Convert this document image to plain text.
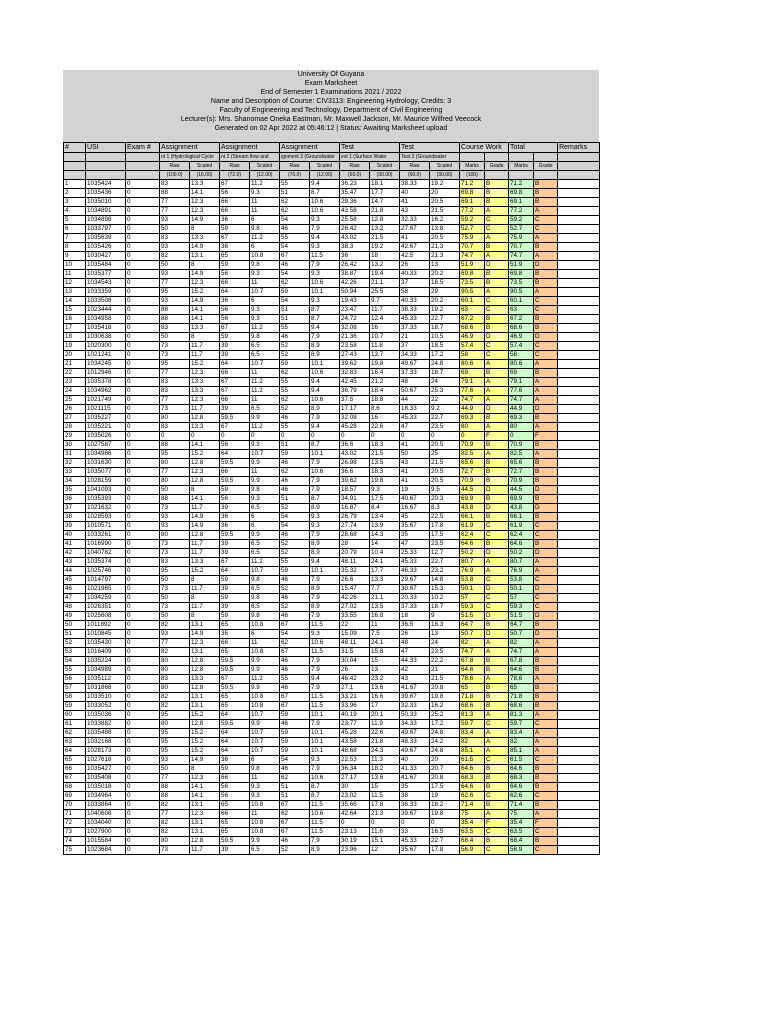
University Of Guyana
Exam Marksheet
End of Semester 1 Examinations 2021 / 2022
Name and Description of Course: CIV3113: Engineering Hydrology, Credits: 3
Faculty of Engineering and Technology, Department of Civil Engineering
Lecturer(s): Mrs. Shanomae Oneka Eastman, Mr. Maxwell Jackson, Mr. Maurice Wilfred Veecock
Generated on 02 Apr 2022 at 05:46:12 | Status: Awaiting Marksheet upload
#	USI	Exam #	Assignment		Assignment		Assignment		Test		Test		Course Work		Total		Remarks
			nt 1 (Hydrological Cycle		nt 2 (Stream flow and		ignment 3 (Groundwater		est 1 (Surface Water		Test 2 (Groundwater						
			Raw	Scaled	Raw	Scaled	Raw	Scaled	Raw	Scaled	Raw	Scaled	Marks	Grade	Marks	Grade	
			(100.0)	(16.00)	(72.0)	(12.00)	(70.0)	(12.00)	(60.0)	(30.00)	(60.0)	(30.00)	(100)				
1	1035424	0	83	13.3	67	11.2	55	9.4	36.23	18.1	38.33	19.2	71.2	B	71.2	B	
2	1035436	0	88	14.1	56	9.3	51	8.7	35.47	17.7	40	20	69.8	B	69.8	B	
3	1035010	0	77	12.3	66	11	62	10.6	29.36	14.7	41	20.5	69.1	B	69.1	B	
4	1034891	0	77	12.3	66	11	62	10.6	43.58	21.8	43	21.5	77.2	A	77.2	A	
5	1034898	0	93	14.9	36	6	54	9.3	25.58	12.8	32.33	16.2	59.2	C	59.2	C	
6	1033797	0	50	8	59	9.8	46	7.9	26.42	13.2	27.67	13.8	52.7	C	52.7	C	
7	1035639	0	83	13.3	67	11.2	55	9.4	43.02	21.5	41	20.5	75.9	A	75.9	A	
8	1035426	0	93	14.9	36	6	54	9.3	38.3	19.2	42.67	21.3	70.7	B	70.7	B	
9	1030427	0	82	13.1	65	10.8	67	11.5	36	18	42.5	21.3	74.7	A	74.7	A	
10	1035484	0	50	8	59	9.8	46	7.9	26.42	13.2	26	13	51.9	D	51.9	D	
11	1035377	0	93	14.9	56	9.3	54	9.3	38.87	19.4	40.33	20.2	69.8	B	69.8	B	
12	1034543	0	77	12.3	66	11	62	10.6	42.26	21.1	37	18.5	73.5	B	73.5	B	
13	1033359	0	95	15.2	64	10.7	59	10.1	50.94	25.5	58	29	90.5	A	90.5	A	
14	1033508	0	93	14.9	36	6	54	9.3	19.43	9.7	40.33	20.2	60.1	C	60.1	C	
15	1023444	0	88	14.1	56	9.3	51	8.7	23.47	11.7	38.33	19.2	63	C	63	C	
16	1034958	0	88	14.1	56	9.3	51	8.7	24.72	12.4	45.33	22.7	67.2	B	67.2	B	
17	1035418	0	83	13.3	67	11.2	55	9.4	32.08	16	37.33	18.7	68.6	B	68.6	B	
18	1030638	0	50	8	59	9.8	46	7.9	21.36	10.7	21	10.5	46.9	D	46.9	D	
19	1020300	0	73	11.7	39	6.5	52	8.9	23.58	11.8	37	18.5	57.4	C	57.4	C	
20	1021241	0	73	11.7	39	6.5	52	8.9	27.43	13.7	34.33	17.2	58	C	58	C	
21	1034245	0	95	15.2	64	10.7	59	10.1	39.62	19.8	49.67	24.8	80.6	A	80.6	A	
22	1012946	0	77	12.3	66	11	62	10.6	32.83	16.4	37.33	18.7	69	B	69	B	
23	1035378	0	83	13.3	67	11.2	55	9.4	42.45	21.2	48	24	79.1	A	79.1	A	
24	1034962	0	83	13.3	67	11.2	55	9.4	36.79	18.4	50.67	25.3	77.6	A	77.6	A	
25	1021749	0	77	12.3	66	11	62	10.6	37.5	18.8	44	22	74.7	A	74.7	A	
26	1021115	0	73	11.7	39	6.5	52	8.9	17.17	8.6	18.33	9.2	44.9	D	44.9	D	
27	1035227	0	80	12.8	59.5	9.9	46	7.9	32.08	16	45.33	22.7	69.3	B	69.3	B	
28	1035221	0	83	13.3	67	11.2	55	9.4	45.28	22.6	47	23.5	80	A	80	A	
29	1035026	0	0	0	0	0	0	0	0	0	0	0	0	F	0	F	
30	1027587	0	88	14.1	56	9.3	51	8.7	36.6	18.3	41	20.5	70.9	B	70.9	B	
31	1034986	0	95	15.2	64	10.7	59	10.1	43.02	21.5	50	25	82.5	A	82.5	A	
32	1031630	0	80	12.8	59.5	9.9	46	7.9	26.98	13.5	43	21.5	65.6	B	65.6	B	
33	1035077	0	77	12.3	66	11	62	10.6	36.6	18.3	41	20.5	72.7	B	72.7	B	
34	1028159	0	80	12.8	59.5	9.9	46	7.9	39.62	19.8	41	20.5	70.9	B	70.9	B	
35	1041093	0	50	8	59	9.8	46	7.9	18.57	9.3	19	9.5	44.5	D	44.5	D	
36	1035393	0	88	14.1	56	9.3	51	8.7	34.91	17.5	40.67	20.3	69.9	B	69.9	B	
37	1021632	0	73	11.7	39	6.5	52	8.9	16.87	8.4	16.67	8.3	43.8	D	43.8	D	
38	1028593	0	93	14.9	36	6	54	9.3	26.79	13.4	45	22.5	66.1	B	66.1	B	
39	1010571	0	93	14.9	36	6	54	9.3	27.74	13.9	35.67	17.8	61.9	C	61.9	C	
40	1033261	0	80	12.8	59.5	9.9	46	7.9	28.68	14.3	35	17.5	62.4	C	62.4	C	
41	1016990	0	73	11.7	39	6.5	52	8.9	28	14	47	23.5	64.6	B	64.6	B	
42	1040782	0	73	11.7	39	6.5	52	8.9	20.79	10.4	25.33	12.7	50.2	D	50.2	D	
43	1035374	0	83	13.3	67	11.2	55	9.4	48.11	24.1	45.33	22.7	80.7	A	80.7	A	
44	1025746	0	95	15.2	64	10.7	59	10.1	35.32	17.7	46.33	23.2	76.9	A	76.9	A	
45	1014797	0	50	8	59	9.8	46	7.9	26.6	13.3	29.67	14.8	53.8	C	53.8	C	
46	1021965	0	73	11.7	39	6.5	52	8.9	15.47	7.7	30.67	15.3	50.1	D	50.1	D	
47	1034259	0	50	8	59	9.8	46	7.9	42.26	21.1	20.33	10.2	57	C	57	C	
48	1026351	0	73	11.7	39	6.5	52	8.9	27.02	13.5	37.33	18.7	59.3	C	59.3	C	
49	1025608	0	50	8	59	9.8	46	7.9	33.55	16.8	18	9	51.5	D	51.5	D	
50	1011892	0	82	13.1	65	10.8	67	11.5	22	11	36.5	18.3	64.7	B	64.7	B	
51	1010845	0	93	14.9	36	6	54	9.3	15.09	7.5	26	13	50.7	D	50.7	D	
52	1035430	0	77	12.3	66	11	62	10.6	48.11	24.1	48	24	82	A	82	A	
53	1016409	0	82	13.1	65	10.8	67	11.5	31.5	15.8	47	23.5	74.7	A	74.7	A	
54	1035224	0	80	12.8	59.5	9.9	46	7.9	30.04	15	44.33	22.2	67.8	B	67.8	B	
55	1034989	0	80	12.8	59.5	9.9	46	7.9	26	13	42	21	64.6	B	64.6	B	
56	1035112	0	83	13.3	67	11.2	55	9.4	46.42	23.2	43	21.5	78.6	A	78.6	A	
57	1031868	0	80	12.8	59.5	9.9	46	7.9	27.1	13.6	41.67	20.8	65	B	65	B	
58	1033510	0	82	13.1	65	10.8	67	11.5	33.21	16.6	39.67	19.8	71.8	B	71.8	B	
59	1033052	0	82	13.1	65	10.8	67	11.5	33.96	17	32.33	16.2	68.6	B	68.6	B	
60	1035036	0	95	15.2	64	10.7	59	10.1	40.19	20.1	50.33	25.2	81.3	A	81.3	A	
61	1033882	0	80	12.8	59.5	9.9	46	7.9	23.77	11.9	34.33	17.2	59.7	C	59.7	C	
62	1035486	0	95	15.2	64	10.7	59	10.1	45.28	22.6	49.67	24.8	83.4	A	83.4	A	
63	1032168	0	95	15.2	64	10.7	59	10.1	43.58	21.8	48.33	24.2	82	A	82	A	
64	1028173	0	95	15.2	64	10.7	59	10.1	48.68	24.3	49.67	24.8	85.1	A	85.1	A	
65	1027618	0	93	14.9	36	6	54	9.3	22.53	11.3	40	20	61.5	C	61.5	C	
66	1035427	0	50	8	59	9.8	46	7.9	36.34	18.2	41.33	20.7	64.6	B	64.6	B	
67	1035408	0	77	12.3	66	11	62	10.6	27.17	13.6	41.67	20.8	68.3	B	68.3	B	
68	1035018	0	88	14.1	56	9.3	51	8.7	30	15	35	17.5	64.6	B	64.6	B	
69	1034964	0	88	14.1	56	9.3	51	8.7	23.02	11.5	38	19	62.6	C	62.6	C	
70	1033864	0	82	13.1	65	10.8	67	11.5	35.66	17.8	36.33	18.2	71.4	B	71.4	B	
71	1040608	0	77	12.3	66	11	62	10.6	42.64	21.3	39.67	19.8	75	A	75	A	
72	1034040	0	82	13.1	65	10.8	67	11.5	0	0	0	0	35.4	F	35.4	F	
73	1027900	0	82	13.1	65	10.8	67	11.5	23.13	11.6	33	16.5	63.5	C	63.5	C	
74	1015584	0	80	12.8	59.5	9.9	46	7.9	30.19	15.1	45.33	22.7	68.4	B	68.4	B	
75	1023684	0	73	11.7	39	6.5	52	8.9	23.96	12	35.67	17.8	56.9	C	56.9	C	
